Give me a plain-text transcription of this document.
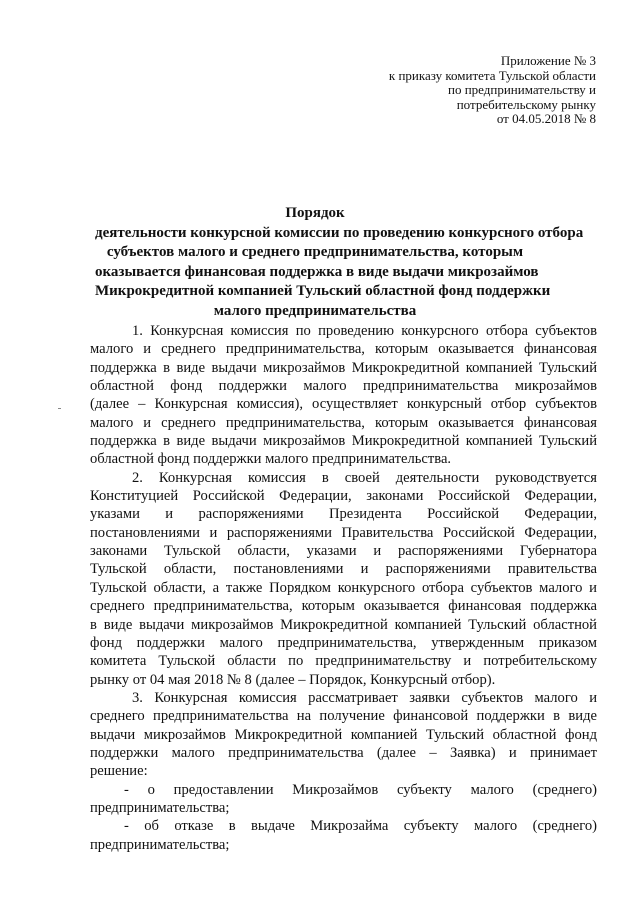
Приложение № 3
к приказу комитета Тульской области
по предпринимательству и
потребительскому рынку
от 04.05.2018 № 8
Порядок
деятельности конкурсной комиссии по проведению конкурсного отбора
субъектов малого и среднего предпринимательства, которым
оказывается финансовая поддержка в виде выдачи микрозаймов
Микрокредитной компанией Тульский областной фонд поддержки
малого предпринимательства
1. Конкурсная комиссия по проведению конкурсного отбора субъектов
малого и среднего предпринимательства, которым оказывается финансовая
поддержка в виде выдачи микрозаймов Микрокредитной компанией Тульский
областной фонд поддержки малого предпринимательства микрозаймов
(далее – Конкурсная комиссия), осуществляет конкурсный отбор субъектов
малого и среднего предпринимательства, которым оказывается финансовая
поддержка в виде выдачи микрозаймов Микрокредитной компанией Тульский
областной фонд поддержки малого предпринимательства.
2. Конкурсная комиссия в своей деятельности руководствуется
Конституцией Российской Федерации, законами Российской Федерации,
указами и распоряжениями Президента Российской Федерации,
постановлениями и распоряжениями Правительства Российской Федерации,
законами Тульской области, указами и распоряжениями Губернатора
Тульской области, постановлениями и распоряжениями правительства
Тульской области, а также Порядком конкурсного отбора субъектов малого и
среднего предпринимательства, которым оказывается финансовая поддержка
в виде выдачи микрозаймов Микрокредитной компанией Тульский областной
фонд поддержки малого предпринимательства, утвержденным приказом
комитета Тульской области по предпринимательству и потребительскому
рынку от 04 мая 2018 № 8 (далее – Порядок, Конкурсный отбор).
3. Конкурсная комиссия рассматривает заявки субъектов малого и
среднего предпринимательства на получение финансовой поддержки в виде
выдачи микрозаймов Микрокредитной компанией Тульский областной фонд
поддержки малого предпринимательства (далее – Заявка) и принимает
решение:
- о предоставлении Микрозаймов субъекту малого (среднего)
предпринимательства;
- об отказе в выдаче Микрозайма субъекту малого (среднего)
предпринимательства;
